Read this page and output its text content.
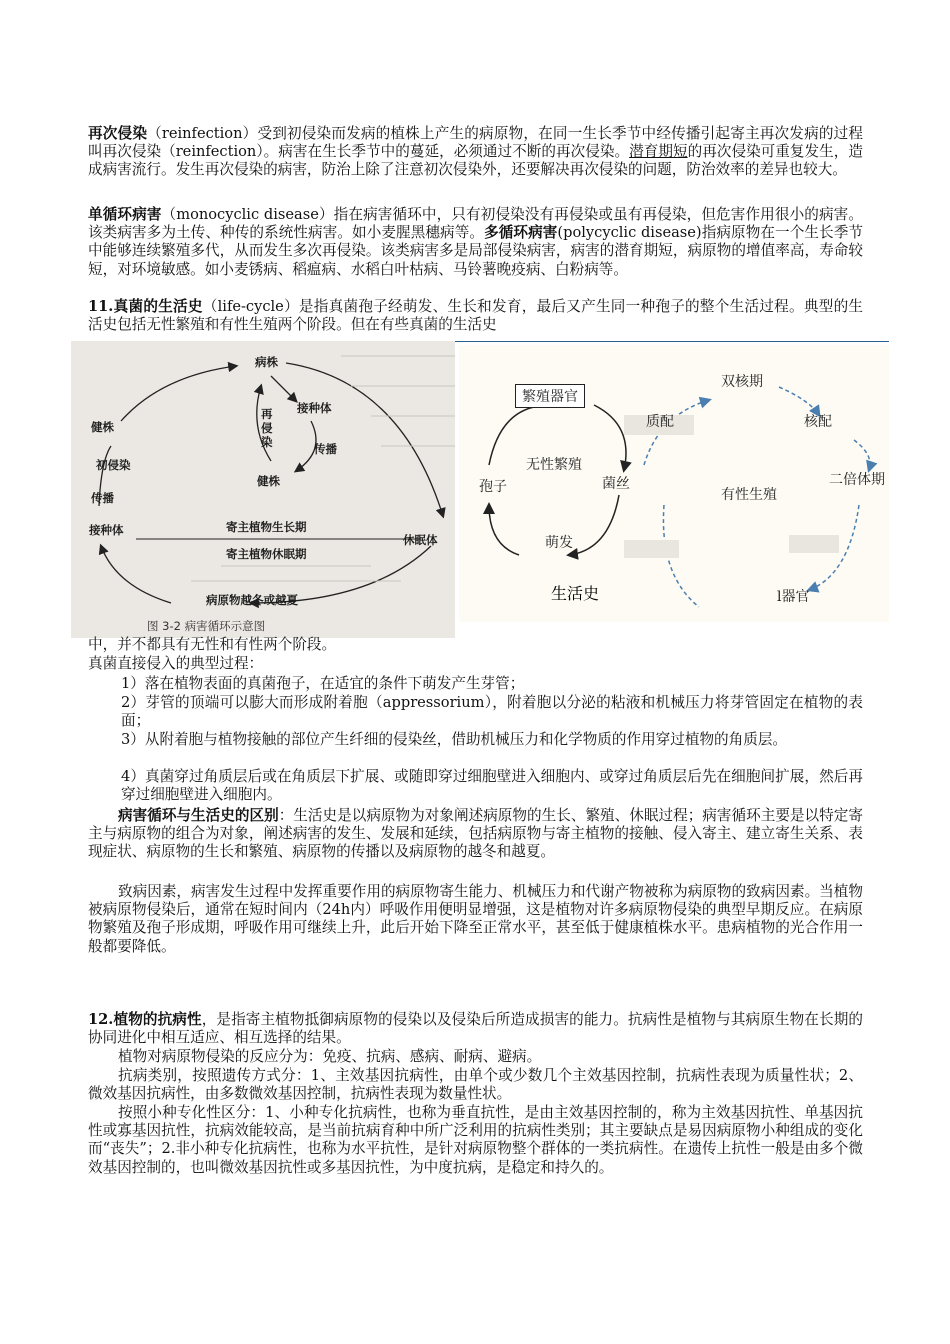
再次侵染（reinfection）受到初侵染而发病的植株上产生的病原物，在同一生长季节中经传播引起寄主再次发病的过程叫再次侵染（reinfection）。病害在生长季节中的蔓延，必须通过不断的再次侵染。潜育期短的再次侵染可重复发生，造成病害流行。发生再次侵染的病害，防治上除了注意初次侵染外，还要解决再次侵染的问题，防治效率的差异也较大。

单循环病害（monocyclic disease）指在病害循环中，只有初侵染没有再侵染或虽有再侵染，但危害作用很小的病害。该类病害多为土传、种传的系统性病害。如小麦腥黑穗病等。多循环病害(polycyclic disease)指病原物在一个生长季节中能够连续繁殖多代，从而发生多次再侵染。该类病害多是局部侵染病害，病害的潜育期短，病原物的增值率高，寿命较短，对环境敏感。如小麦锈病、稻瘟病、水稻白叶枯病、马铃薯晚疫病、白粉病等。

11.真菌的生活史（life-cycle）是指真菌孢子经萌发、生长和发育，最后又产生同一种孢子的整个生活过程。典型的生活史包括无性繁殖和有性生殖两个阶段。但在有些真菌的生活史

病株
接种体
再
侵
染	传播
健株
健株
初侵染
传播
接种体	寄主植物生长期
寄主植物休眠期
休眠体
病原物越冬或越夏
图 3-2 病害循环示意图
繁殖器官
双核期
质配	核配
无性繁殖
孢子	菌丝
有性生殖
二倍体期
萌发
l器官
生活史

中，并不都具有无性和有性两个阶段。

真菌直接侵入的典型过程：

1）落在植物表面的真菌孢子，在适宜的条件下萌发产生芽管；

2）芽管的顶端可以膨大而形成附着胞（appressorium），附着胞以分泌的粘液和机械压力将芽管固定在植物的表面；

3）从附着胞与植物接触的部位产生纤细的侵染丝，借助机械压力和化学物质的作用穿过植物的角质层。

4）真菌穿过角质层后或在角质层下扩展、或随即穿过细胞壁进入细胞内、或穿过角质层后先在细胞间扩展，然后再穿过细胞壁进入细胞内。

病害循环与生活史的区别：生活史是以病原物为对象阐述病原物的生长、繁殖、休眠过程；病害循环主要是以特定寄主与病原物的组合为对象，阐述病害的发生、发展和延续，包括病原物与寄主植物的接触、侵入寄主、建立寄生关系、表现症状、病原物的生长和繁殖、病原物的传播以及病原物的越冬和越夏。

致病因素，病害发生过程中发挥重要作用的病原物寄生能力、机械压力和代谢产物被称为病原物的致病因素。当植物被病原物侵染后，通常在短时间内（24h内）呼吸作用便明显增强，这是植物对许多病原物侵染的典型早期反应。在病原物繁殖及孢子形成期，呼吸作用可继续上升，此后开始下降至正常水平，甚至低于健康植株水平。患病植物的光合作用一般都要降低。

12.植物的抗病性，是指寄主植物抵御病原物的侵染以及侵染后所造成损害的能力。抗病性是植物与其病原生物在长期的协同进化中相互适应、相互选择的结果。

植物对病原物侵染的反应分为：免疫、抗病、感病、耐病、避病。

抗病类别，按照遗传方式分：1、主效基因抗病性，由单个或少数几个主效基因控制，抗病性表现为质量性状；2、微效基因抗病性，由多数微效基因控制，抗病性表现为数量性状。

按照小种专化性区分：1、小种专化抗病性，也称为垂直抗性，是由主效基因控制的，称为主效基因抗性、单基因抗性或寡基因抗性，抗病效能较高，是当前抗病育种中所广泛利用的抗病性类别；其主要缺点是易因病原物小种组成的变化而“丧失”；2.非小种专化抗病性，也称为水平抗性，是针对病原物整个群体的一类抗病性。在遗传上抗性一般是由多个微效基因控制的，也叫微效基因抗性或多基因抗性，为中度抗病，是稳定和持久的。
